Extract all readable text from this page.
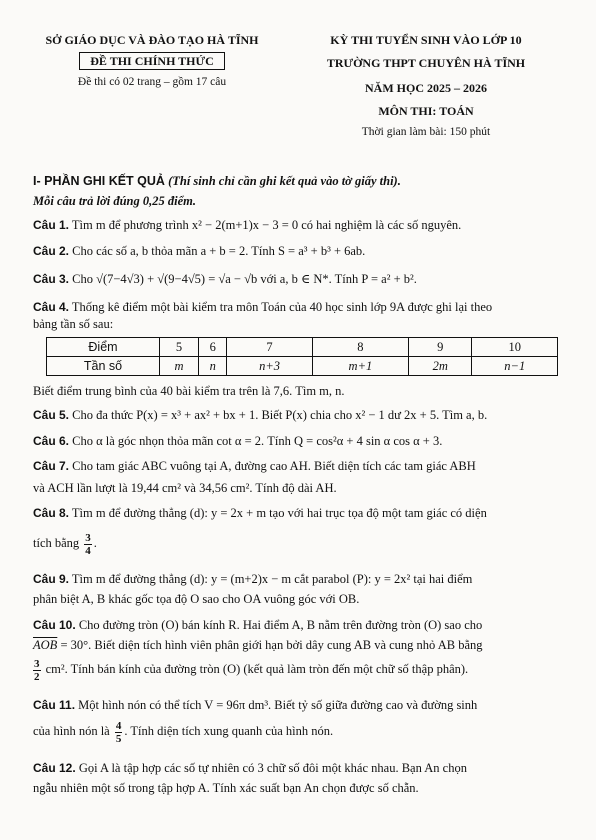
SỞ GIÁO DỤC VÀ ĐÀO TẠO HÀ TĨNH
ĐỀ THI CHÍNH THỨC
Đề thi có 02 trang – gồm 17 câu
KỲ THI TUYỂN SINH VÀO LỚP 10
TRƯỜNG THPT CHUYÊN HÀ TĨNH
NĂM HỌC 2025 – 2026
MÔN THI: TOÁN
Thời gian làm bài: 150 phút
I- PHẦN GHI KẾT QUẢ (Thí sinh chỉ cần ghi kết quả vào tờ giấy thi).
Mỗi câu trả lời đúng 0,25 điểm.
Câu 1. Tìm m để phương trình x² − 2(m+1)x − 3 = 0 có hai nghiệm là các số nguyên.
Câu 2. Cho các số a, b thỏa mãn a + b = 2. Tính S = a³ + b³ + 6ab.
Câu 3. Cho √(7−4√3) + √(9−4√5) = √a − √b với a, b ∈ N*. Tính P = a² + b².
Câu 4. Thống kê điểm một bài kiểm tra môn Toán của 40 học sinh lớp 9A được ghi lại theo
bảng tần số sau:
Điểm	5	6	7	8	9	10
Tần số	m	n	n+3	m+1	2m	n−1
Biết điểm trung bình của 40 bài kiểm tra trên là 7,6. Tìm m, n.
Câu 5. Cho đa thức P(x) = x³ + ax² + bx + 1. Biết P(x) chia cho x² − 1 dư 2x + 5. Tìm a, b.
Câu 6. Cho α là góc nhọn thỏa mãn cot α = 2. Tính Q = cos²α + 4 sin α cos α + 3.
Câu 7. Cho tam giác ABC vuông tại A, đường cao AH. Biết diện tích các tam giác ABH
và ACH lần lượt là 19,44 cm² và 34,56 cm². Tính độ dài AH.
Câu 8. Tìm m để đường thẳng (d): y = 2x + m tạo với hai trục tọa độ một tam giác có diện
tích bằng $\frac{3}{4}$ .
Câu 9. Tìm m để đường thẳng (d): y = (m+2)x − m cắt parabol (P): y = 2x² tại hai điểm
phân biệt A, B khác gốc tọa độ O sao cho OA vuông góc với OB.
Câu 10. Cho đường tròn (O) bán kính R. Hai điểm A, B nằm trên đường tròn (O) sao cho
$\overline{AOB} = 30^\circ$. Biết diện tích hình viên phân giới hạn bởi dây cung AB và cung nhỏ AB bằng
$\frac{3}{2} cm^2$. Tính bán kính của đường tròn (O) (kết quả làm tròn đến một chữ số thập phân).
Câu 11. Một hình nón có thể tích V = 96π dm³. Biết tỷ số giữa đường cao và đường sinh
của hình nón là $\frac{4}{5}$ . Tính diện tích xung quanh của hình nón.
Câu 12. Gọi A là tập hợp các số tự nhiên có 3 chữ số đôi một khác nhau. Bạn An chọn
ngẫu nhiên một số trong tập hợp A. Tính xác suất bạn An chọn được số chẵn.
